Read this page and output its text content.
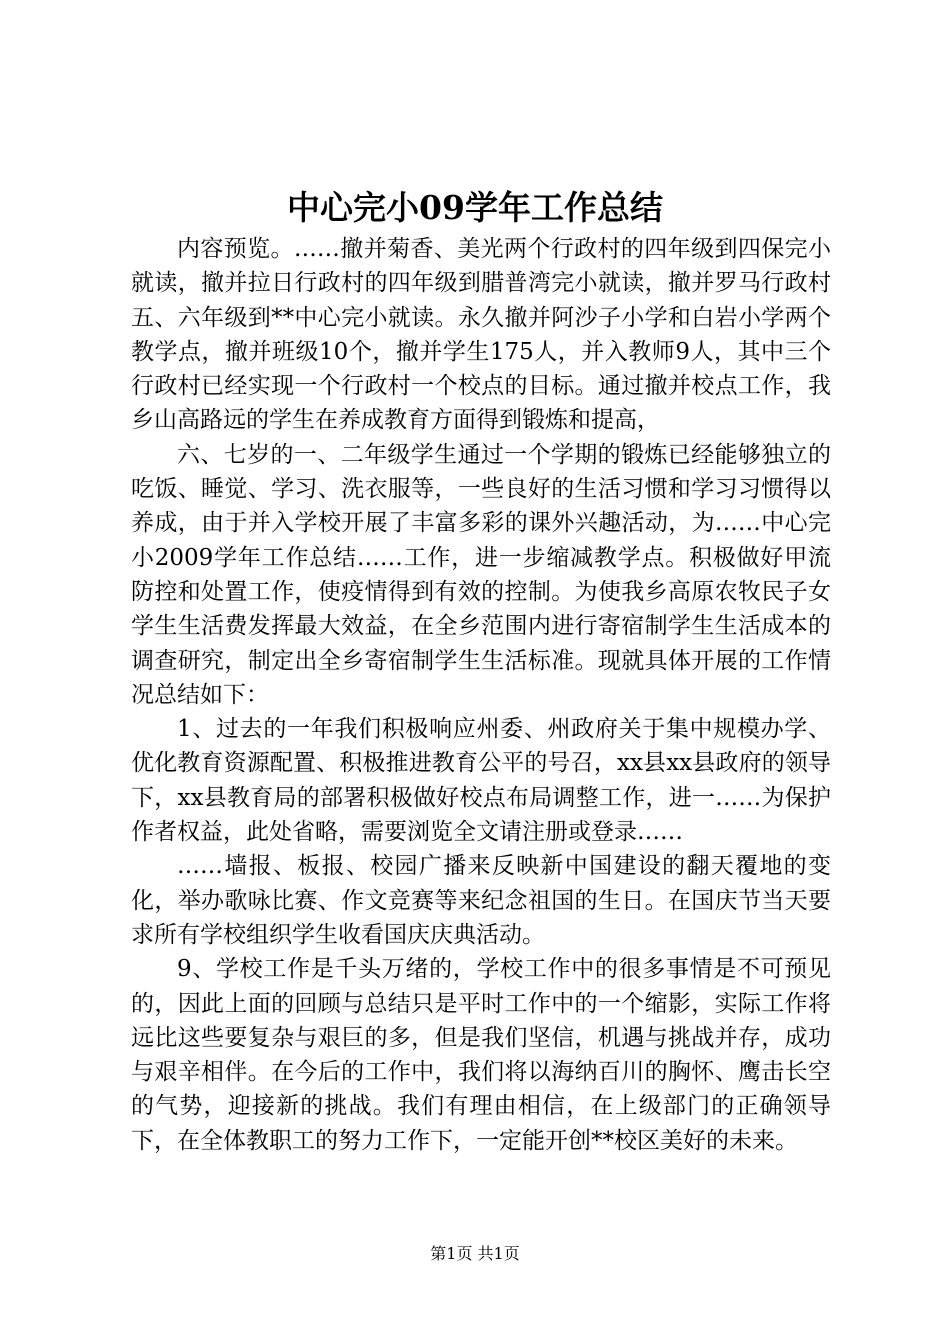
中心完小09学年工作总结

内容预览。……撤并菊香、美光两个行政村的四年级到四保完小就读，撤并拉日行政村的四年级到腊普湾完小就读，撤并罗马行政村五、六年级到**中心完小就读。永久撤并阿沙子小学和白岩小学两个教学点，撤并班级10个，撤并学生175人，并入教师9人，其中三个行政村已经实现一个行政村一个校点的目标。通过撤并校点工作，我乡山高路远的学生在养成教育方面得到锻炼和提高，

六、七岁的一、二年级学生通过一个学期的锻炼已经能够独立的吃饭、睡觉、学习、洗衣服等，一些良好的生活习惯和学习习惯得以养成，由于并入学校开展了丰富多彩的课外兴趣活动，为……中心完小2009学年工作总结……工作，进一步缩减教学点。积极做好甲流防控和处置工作，使疫情得到有效的控制。为使我乡高原农牧民子女学生生活费发挥最大效益，在全乡范围内进行寄宿制学生生活成本的调查研究，制定出全乡寄宿制学生生活标准。现就具体开展的工作情况总结如下：

1、过去的一年我们积极响应州委、州政府关于集中规模办学、优化教育资源配置、积极推进教育公平的号召，xx县xx县政府的领导下，xx县教育局的部署积极做好校点布局调整工作，进一……为保护作者权益，此处省略，需要浏览全文请注册或登录……

……墙报、板报、校园广播来反映新中国建设的翻天覆地的变化，举办歌咏比赛、作文竞赛等来纪念祖国的生日。在国庆节当天要求所有学校组织学生收看国庆庆典活动。

9、学校工作是千头万绪的，学校工作中的很多事情是不可预见的，因此上面的回顾与总结只是平时工作中的一个缩影，实际工作将远比这些要复杂与艰巨的多，但是我们坚信，机遇与挑战并存，成功与艰辛相伴。在今后的工作中，我们将以海纳百川的胸怀、鹰击长空的气势，迎接新的挑战。我们有理由相信，在上级部门的正确领导下，在全体教职工的努力工作下，一定能开创**校区美好的未来。

第1页 共1页
